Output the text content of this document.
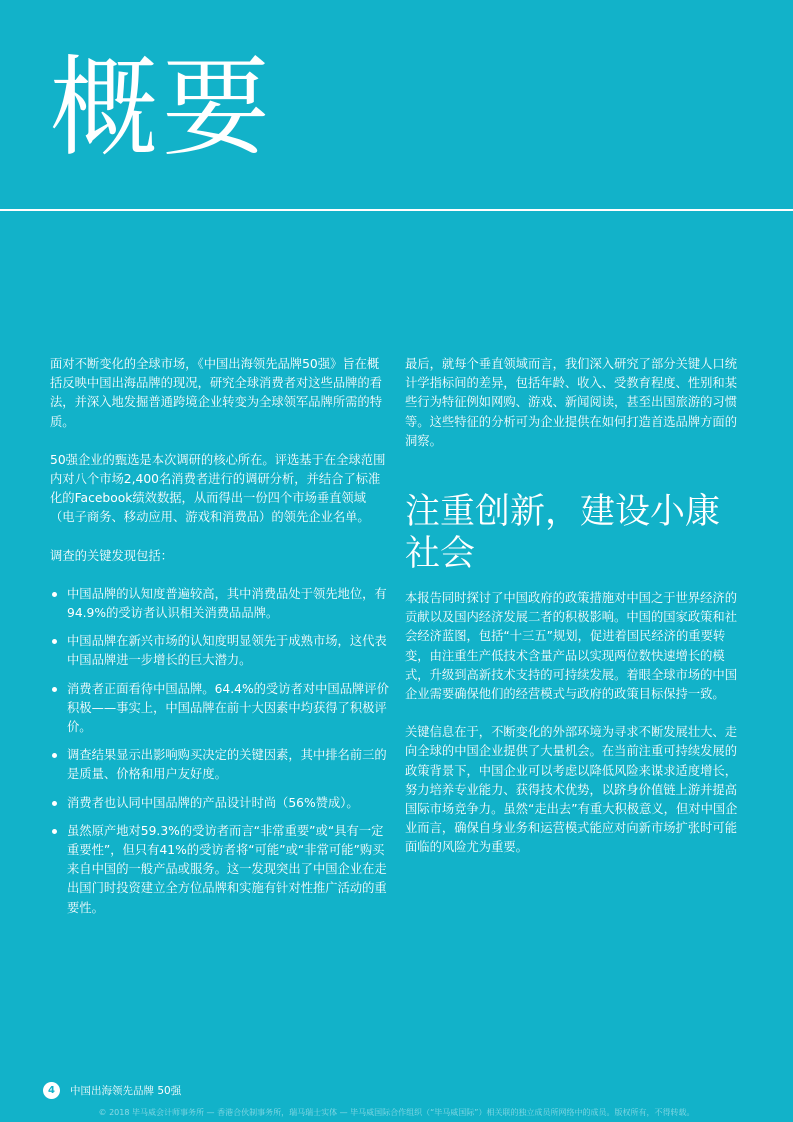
概要

面对不断变化的全球市场，《中国出海领先品牌50强》旨在概括反映中国出海品牌的现况，研究全球消费者对这些品牌的看法，并深入地发掘普通跨境企业转变为全球领军品牌所需的特质。

50强企业的甄选是本次调研的核心所在。评选基于在全球范围内对八个市场2,400名消费者进行的调研分析，并结合了标准化的Facebook绩效数据，从而得出一份四个市场垂直领域（电子商务、移动应用、游戏和消费品）的领先企业名单。

调查的关键发现包括：

中国品牌的认知度普遍较高，其中消费品处于领先地位，有94.9%的受访者认识相关消费品品牌。
中国品牌在新兴市场的认知度明显领先于成熟市场，这代表中国品牌进一步增长的巨大潜力。
消费者正面看待中国品牌。64.4%的受访者对中国品牌评价积极——事实上，中国品牌在前十大因素中均获得了积极评价。
调查结果显示出影响购买决定的关键因素，其中排名前三的是质量、价格和用户友好度。
消费者也认同中国品牌的产品设计时尚（56%赞成）。
虽然原产地对59.3%的受访者而言“非常重要”或“具有一定重要性”，但只有41%的受访者将“可能”或“非常可能”购买来自中国的一般产品或服务。这一发现突出了中国企业在走出国门时投资建立全方位品牌和实施有针对性推广活动的重要性。

最后，就每个垂直领域而言，我们深入研究了部分关键人口统计学指标间的差异，包括年龄、收入、受教育程度、性别和某些行为特征例如网购、游戏、新闻阅读，甚至出国旅游的习惯等。这些特征的分析可为企业提供在如何打造首选品牌方面的洞察。

注重创新，建设小康社会

本报告同时探讨了中国政府的政策措施对中国之于世界经济的贡献以及国内经济发展二者的积极影响。中国的国家政策和社会经济蓝图，包括“十三五”规划，促进着国民经济的重要转变，由注重生产低技术含量产品以实现两位数快速增长的模式，升级到高新技术支持的可持续发展。着眼全球市场的中国企业需要确保他们的经营模式与政府的政策目标保持一致。

关键信息在于，不断变化的外部环境为寻求不断发展壮大、走向全球的中国企业提供了大量机会。在当前注重可持续发展的政策背景下，中国企业可以考虑以降低风险来谋求适度增长，努力培养专业能力、获得技术优势，以跻身价值链上游并提高国际市场竞争力。虽然“走出去”有重大积极意义，但对中国企业而言，确保自身业务和运营模式能应对向新市场扩张时可能面临的风险尤为重要。

4	中国出海领先品牌 50强
© 2018 毕马威会计师事务所 — 香港合伙制事务所，瑞马瑞士实体 — 毕马威国际合作组织（“毕马威国际”）相关联的独立成员所网络中的成员。版权所有，不得转载。
